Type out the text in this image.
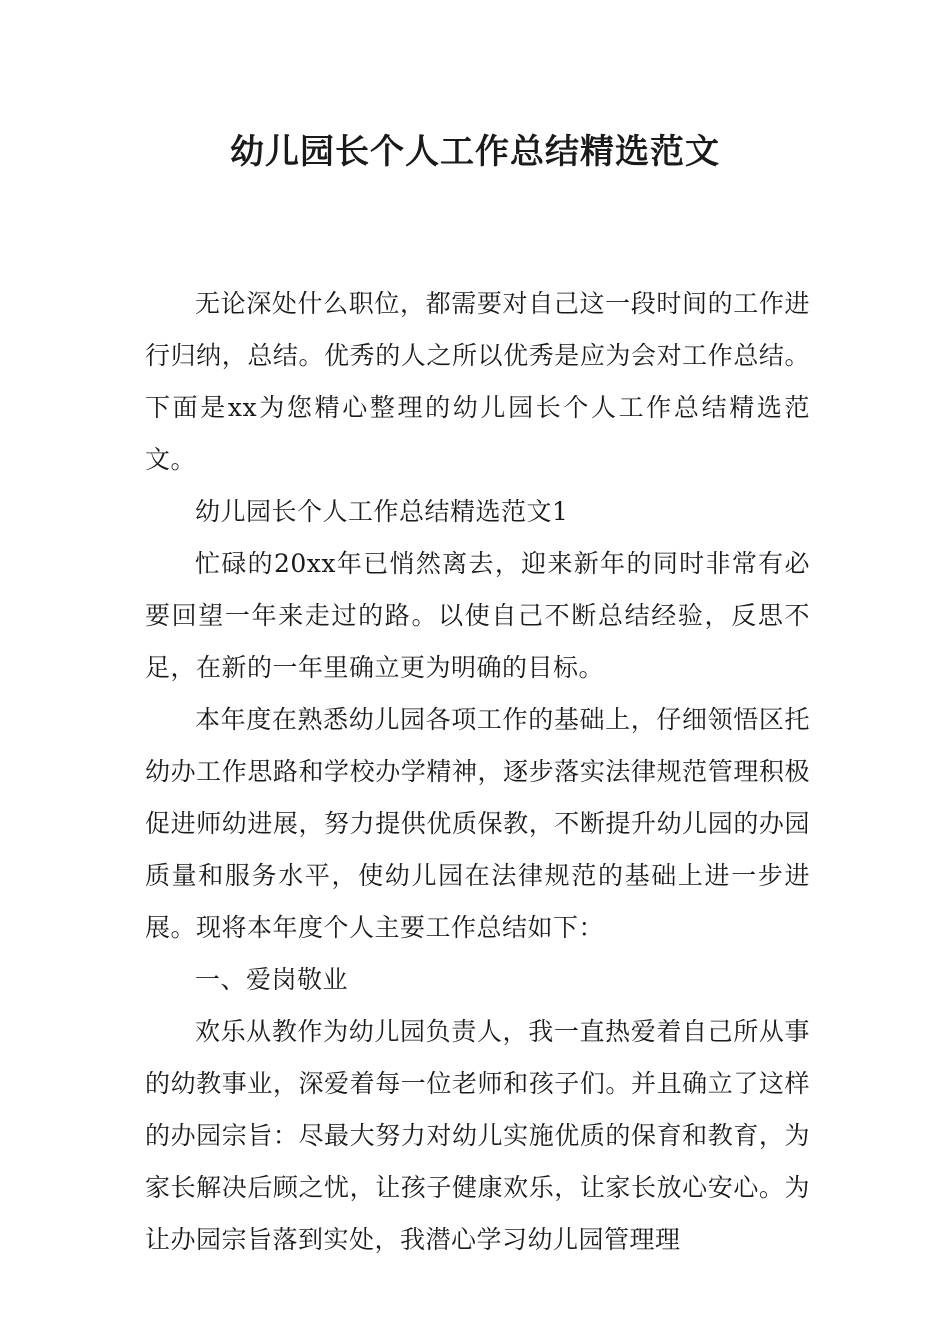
幼儿园长个人工作总结精选范文

无论深处什么职位，都需要对自己这一段时间的工作进行归纳，总结。优秀的人之所以优秀是应为会对工作总结。下面是xx为您精心整理的幼儿园长个人工作总结精选范文。

幼儿园长个人工作总结精选范文1

忙碌的20xx年已悄然离去，迎来新年的同时非常有必要回望一年来走过的路。以使自己不断总结经验，反思不足，在新的一年里确立更为明确的目标。

本年度在熟悉幼儿园各项工作的基础上，仔细领悟区托幼办工作思路和学校办学精神，逐步落实法律规范管理积极促进师幼进展，努力提供优质保教，不断提升幼儿园的办园质量和服务水平，使幼儿园在法律规范的基础上进一步进展。现将本年度个人主要工作总结如下：

一、爱岗敬业

欢乐从教作为幼儿园负责人，我一直热爱着自己所从事的幼教事业，深爱着每一位老师和孩子们。并且确立了这样的办园宗旨：尽最大努力对幼儿实施优质的保育和教育，为家长解决后顾之忧，让孩子健康欢乐，让家长放心安心。为让办园宗旨落到实处，我潜心学习幼儿园管理理
